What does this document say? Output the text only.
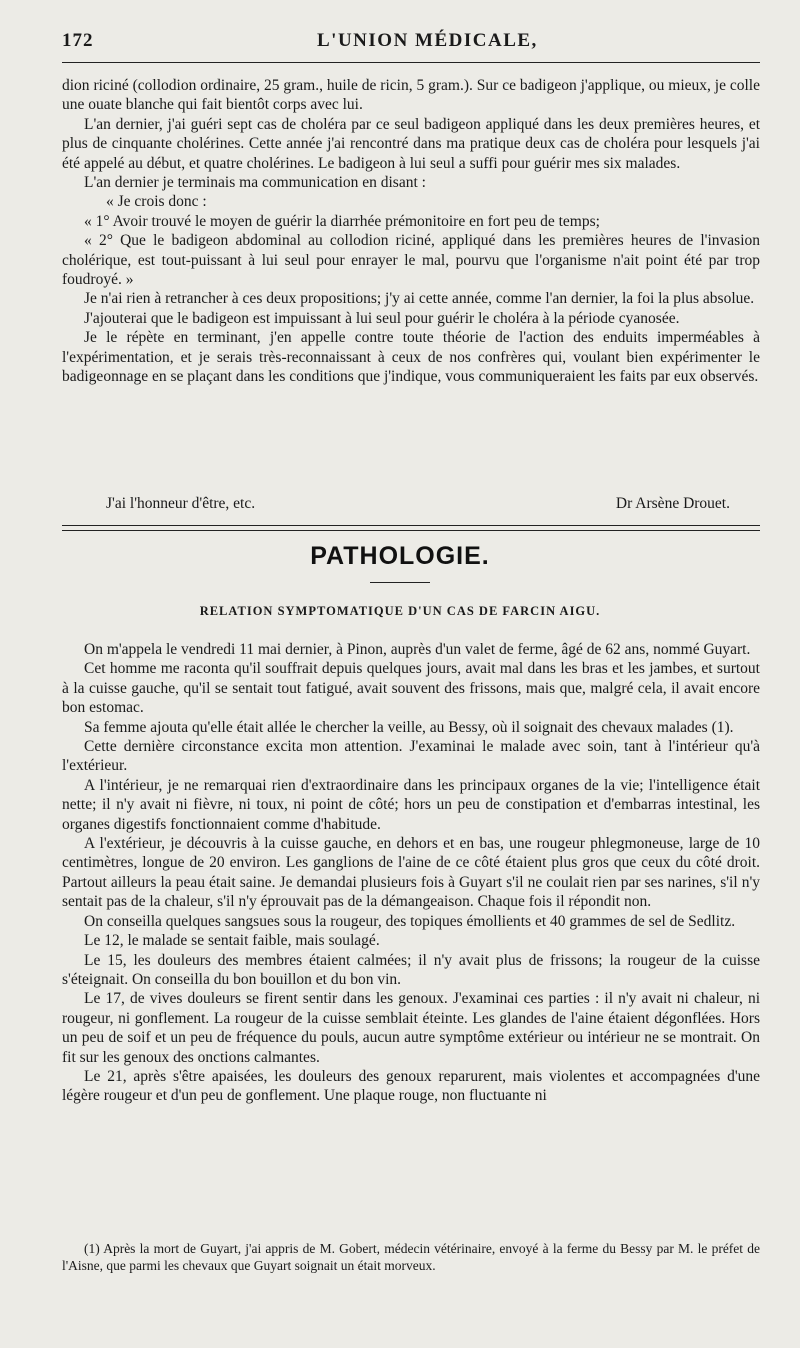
172	L'UNION MÉDICALE,

dion riciné (collodion ordinaire, 25 gram., huile de ricin, 5 gram.). Sur ce badigeon j'applique, ou mieux, je colle une ouate blanche qui fait bientôt corps avec lui.

L'an dernier, j'ai guéri sept cas de choléra par ce seul badigeon appliqué dans les deux premières heures, et plus de cinquante cholérines. Cette année j'ai rencontré dans ma pratique deux cas de choléra pour lesquels j'ai été appelé au début, et quatre cholérines. Le badigeon à lui seul a suffi pour guérir mes six malades.

L'an dernier je terminais ma communication en disant :

« Je crois donc :

« 1° Avoir trouvé le moyen de guérir la diarrhée prémonitoire en fort peu de temps;

« 2° Que le badigeon abdominal au collodion riciné, appliqué dans les premières heures de l'invasion cholérique, est tout-puissant à lui seul pour enrayer le mal, pourvu que l'organisme n'ait point été par trop foudroyé. »

Je n'ai rien à retrancher à ces deux propositions; j'y ai cette année, comme l'an dernier, la foi la plus absolue.

J'ajouterai que le badigeon est impuissant à lui seul pour guérir le choléra à la période cyanosée.

Je le répète en terminant, j'en appelle contre toute théorie de l'action des enduits imperméables à l'expérimentation, et je serais très-reconnaissant à ceux de nos confrères qui, voulant bien expérimenter le badigeonnage en se plaçant dans les conditions que j'indique, vous communiqueraient les faits par eux observés.

J'ai l'honneur d'être, etc.	Dr Arsène Drouet.
PATHOLOGIE.
RELATION SYMPTOMATIQUE D'UN CAS DE FARCIN AIGU.

On m'appela le vendredi 11 mai dernier, à Pinon, auprès d'un valet de ferme, âgé de 62 ans, nommé Guyart.

Cet homme me raconta qu'il souffrait depuis quelques jours, avait mal dans les bras et les jambes, et surtout à la cuisse gauche, qu'il se sentait tout fatigué, avait souvent des frissons, mais que, malgré cela, il avait encore bon estomac.

Sa femme ajouta qu'elle était allée le chercher la veille, au Bessy, où il soignait des chevaux malades (1).

Cette dernière circonstance excita mon attention. J'examinai le malade avec soin, tant à l'intérieur qu'à l'extérieur.

A l'intérieur, je ne remarquai rien d'extraordinaire dans les principaux organes de la vie; l'intelligence était nette; il n'y avait ni fièvre, ni toux, ni point de côté; hors un peu de constipation et d'embarras intestinal, les organes digestifs fonctionnaient comme d'habitude.

A l'extérieur, je découvris à la cuisse gauche, en dehors et en bas, une rougeur phlegmoneuse, large de 10 centimètres, longue de 20 environ. Les ganglions de l'aine de ce côté étaient plus gros que ceux du côté droit. Partout ailleurs la peau était saine. Je demandai plusieurs fois à Guyart s'il ne coulait rien par ses narines, s'il n'y sentait pas de la chaleur, s'il n'y éprouvait pas de la démangeaison. Chaque fois il répondit non.

On conseilla quelques sangsues sous la rougeur, des topiques émollients et 40 grammes de sel de Sedlitz.

Le 12, le malade se sentait faible, mais soulagé.

Le 15, les douleurs des membres étaient calmées; il n'y avait plus de frissons; la rougeur de la cuisse s'éteignait. On conseilla du bon bouillon et du bon vin.

Le 17, de vives douleurs se firent sentir dans les genoux. J'examinai ces parties : il n'y avait ni chaleur, ni rougeur, ni gonflement. La rougeur de la cuisse semblait éteinte. Les glandes de l'aine étaient dégonflées. Hors un peu de soif et un peu de fréquence du pouls, aucun autre symptôme extérieur ou intérieur ne se montrait. On fit sur les genoux des onctions calmantes.

Le 21, après s'être apaisées, les douleurs des genoux reparurent, mais violentes et accompagnées d'une légère rougeur et d'un peu de gonflement. Une plaque rouge, non fluctuante ni

(1) Après la mort de Guyart, j'ai appris de M. Gobert, médecin vétérinaire, envoyé à la ferme du Bessy par M. le préfet de l'Aisne, que parmi les chevaux que Guyart soignait un était morveux.
